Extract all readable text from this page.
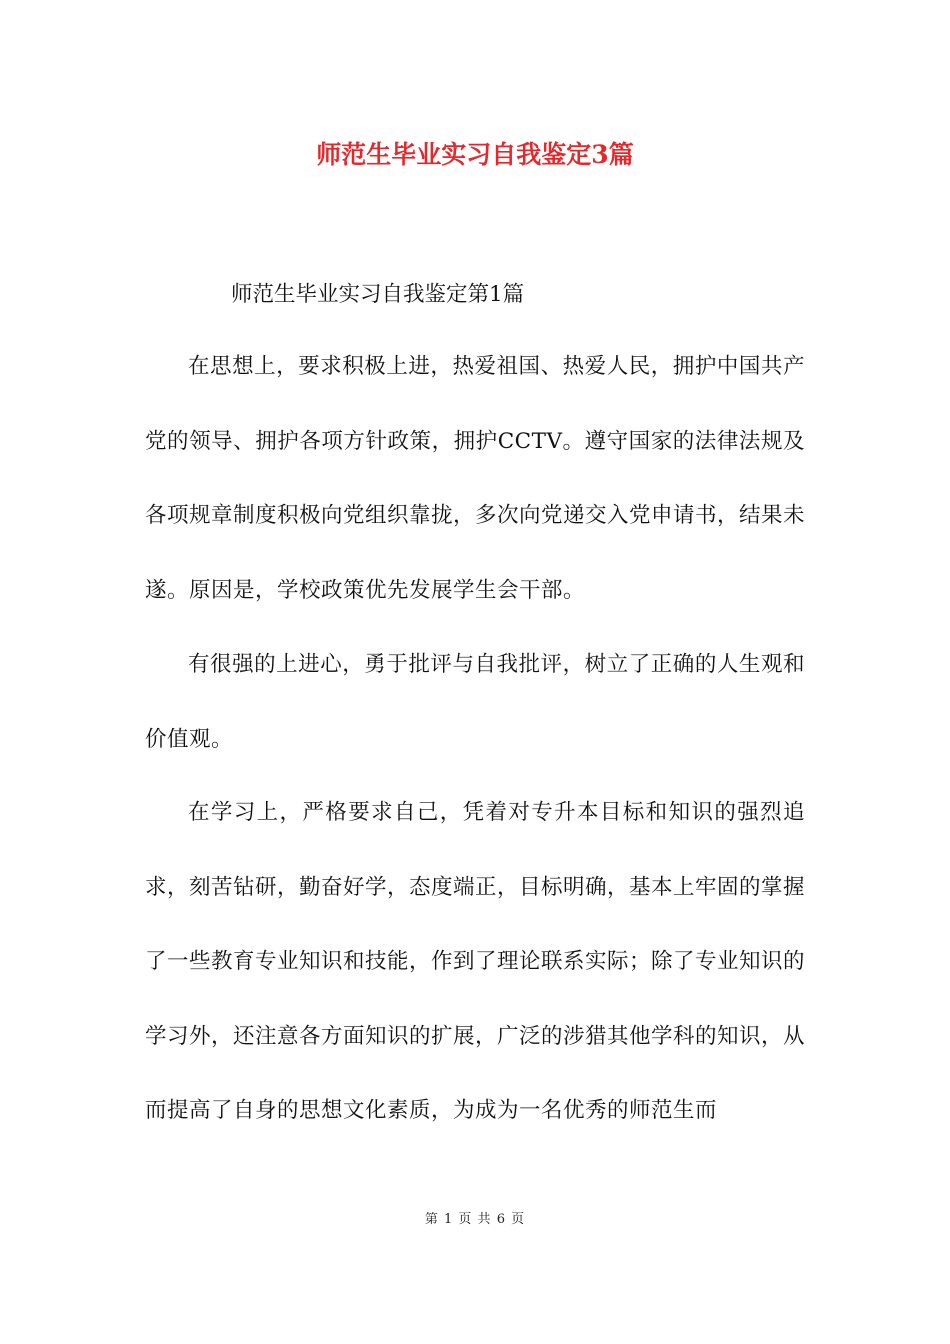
师范生毕业实习自我鉴定3篇
师范生毕业实习自我鉴定第1篇

在思想上，要求积极上进，热爱祖国、热爱人民，拥护中国共产党的领导、拥护各项方针政策，拥护CCTV。遵守国家的法律法规及各项规章制度积极向党组织靠拢，多次向党递交入党申请书，结果未遂。原因是，学校政策优先发展学生会干部。

有很强的上进心，勇于批评与自我批评，树立了正确的人生观和价值观。

在学习上，严格要求自己，凭着对专升本目标和知识的强烈追求，刻苦钻研，勤奋好学，态度端正，目标明确，基本上牢固的掌握了一些教育专业知识和技能，作到了理论联系实际；除了专业知识的学习外，还注意各方面知识的扩展，广泛的涉猎其他学科的知识，从而提高了自身的思想文化素质，为成为一名优秀的师范生而

第 1 页 共 6 页
